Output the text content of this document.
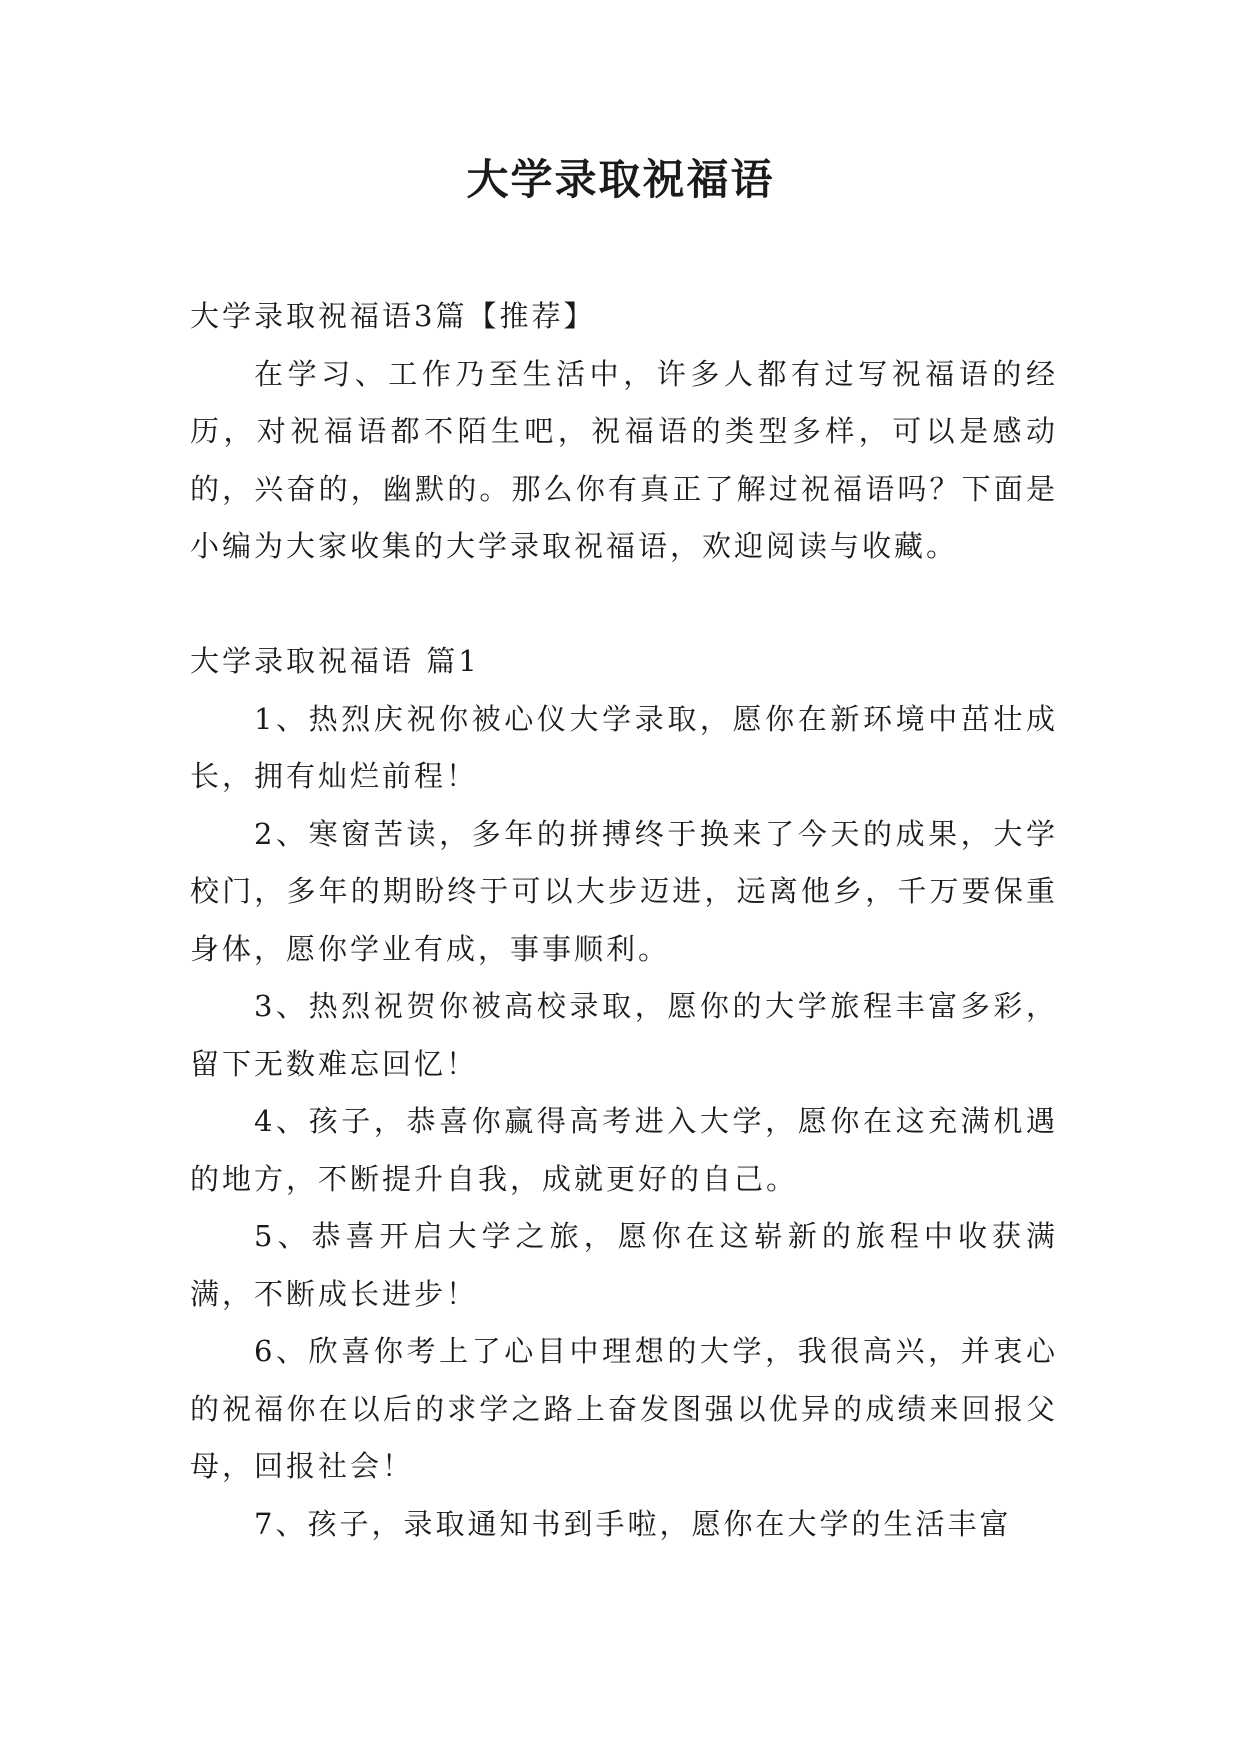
大学录取祝福语

大学录取祝福语3篇【推荐】

在学习、工作乃至生活中，许多人都有过写祝福语的经历，对祝福语都不陌生吧，祝福语的类型多样，可以是感动的，兴奋的，幽默的。那么你有真正了解过祝福语吗？下面是小编为大家收集的大学录取祝福语，欢迎阅读与收藏。

大学录取祝福语 篇1

1、热烈庆祝你被心仪大学录取，愿你在新环境中茁壮成长，拥有灿烂前程！

2、寒窗苦读，多年的拼搏终于换来了今天的成果，大学校门，多年的期盼终于可以大步迈进，远离他乡，千万要保重身体，愿你学业有成，事事顺利。

3、热烈祝贺你被高校录取，愿你的大学旅程丰富多彩，留下无数难忘回忆！

4、孩子，恭喜你赢得高考进入大学，愿你在这充满机遇的地方，不断提升自我，成就更好的自己。

5、恭喜开启大学之旅，愿你在这崭新的旅程中收获满满，不断成长进步！

6、欣喜你考上了心目中理想的大学，我很高兴，并衷心的祝福你在以后的求学之路上奋发图强以优异的成绩来回报父母，回报社会！

7、孩子，录取通知书到手啦，愿你在大学的生活丰富
